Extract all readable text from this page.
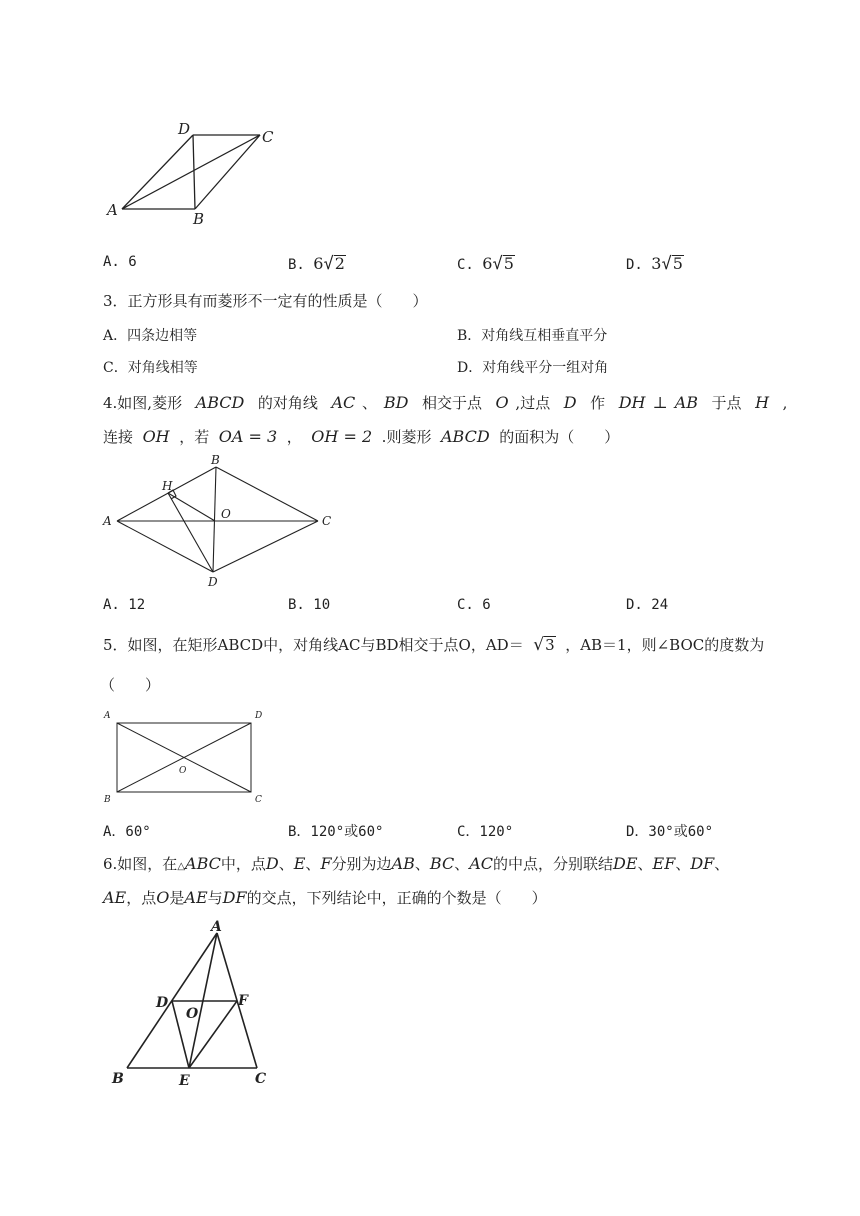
A	B
C
D
A. 6	B. 6√2	C. 6√5	D. 3√5
3．正方形具有而菱形不一定有的性质是（　　）
A．四条边相等	B．对角线互相垂直平分
C．对角线相等	D．对角线平分一组对角
4.如图,菱形 ABCD 的对角线 AC 、 BD 相交于点 O ,过点 D 作 DH ⊥ AB 于点 H ,
连接 OH ，若 OA = 3 ， OH = 2 .则菱形 ABCD 的面积为（　　）
A
B
C
D
H
O
A. 12	B. 10	C. 6	D. 24
5．如图，在矩形ABCD中，对角线AC与BD相交于点O，AD＝ √3 ，AB＝1，则∠BOC的度数为
（　　）
A
B	C
D
O
A．60°	B．120°或60°	C．120°	D．30°或60°
6.如图，在△ABC中，点D、E、F分别为边AB、BC、AC的中点，分别联结DE、EF、DF、
AE，点O是AE与DF的交点，下列结论中，正确的个数是（　　）
A
B	C
D
E
F
O
